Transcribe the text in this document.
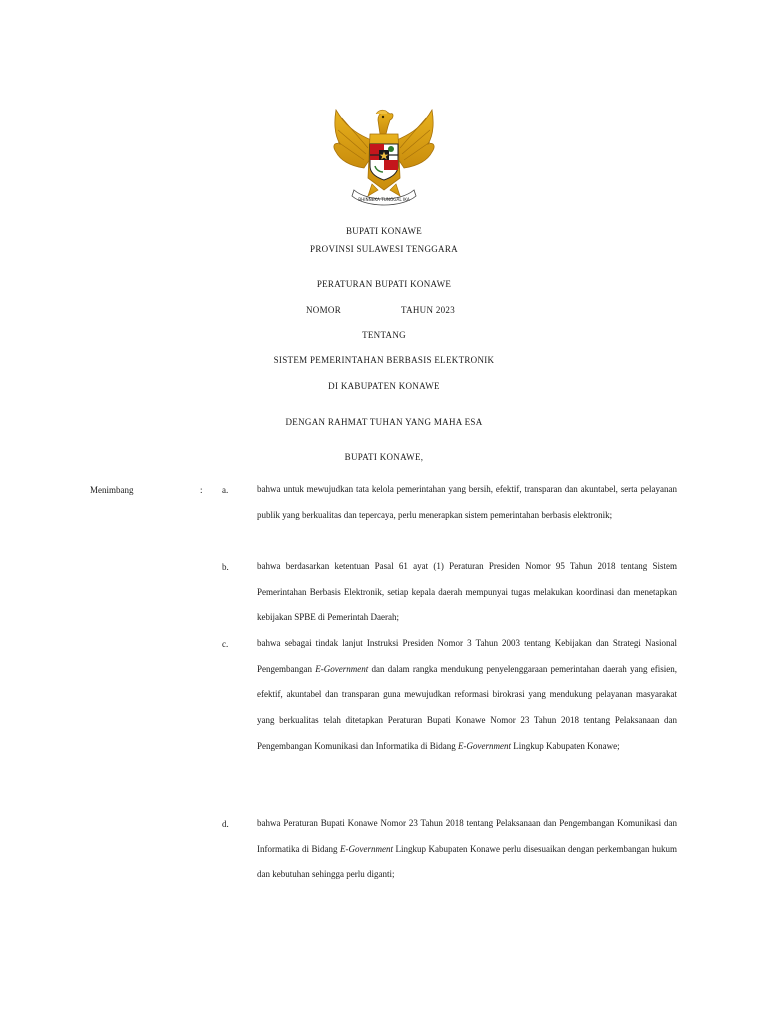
BHINNEKA TUNGGAL IKA
BUPATI KONAWE
PROVINSI SULAWESI TENGGARA
PERATURAN BUPATI KONAWE
NOMOR	TAHUN 2023
TENTANG
SISTEM PEMERINTAHAN BERBASIS ELEKTRONIK
DI KABUPATEN KONAWE
DENGAN RAHMAT TUHAN YANG MAHA ESA
BUPATI KONAWE,
Menimbang	: a.	bahwa untuk mewujudkan tata kelola pemerintahan yang bersih, efektif, transparan dan akuntabel, serta pelayanan publik yang berkualitas dan tepercaya, perlu menerapkan sistem pemerintahan berbasis elektronik;
b.	bahwa berdasarkan ketentuan Pasal 61 ayat (1) Peraturan Presiden Nomor 95 Tahun 2018 tentang Sistem Pemerintahan Berbasis Elektronik, setiap kepala daerah mempunyai tugas melakukan koordinasi dan menetapkan kebijakan SPBE di Pemerintah Daerah;
c.	bahwa sebagai tindak lanjut Instruksi Presiden Nomor 3 Tahun 2003 tentang Kebijakan dan Strategi Nasional Pengembangan E-Government dan dalam rangka mendukung penyelenggaraan pemerintahan daerah yang efisien, efektif, akuntabel dan transparan guna mewujudkan reformasi birokrasi yang mendukung pelayanan masyarakat yang berkualitas telah ditetapkan Peraturan Bupati Konawe Nomor 23 Tahun 2018 tentang Pelaksanaan dan Pengembangan Komunikasi dan Informatika di Bidang E-Government Lingkup Kabupaten Konawe;
d.	bahwa Peraturan Bupati Konawe Nomor 23 Tahun 2018 tentang Pelaksanaan dan Pengembangan Komunikasi dan Informatika di Bidang E-Government Lingkup Kabupaten Konawe perlu disesuaikan dengan perkembangan hukum dan kebutuhan sehingga perlu diganti;
